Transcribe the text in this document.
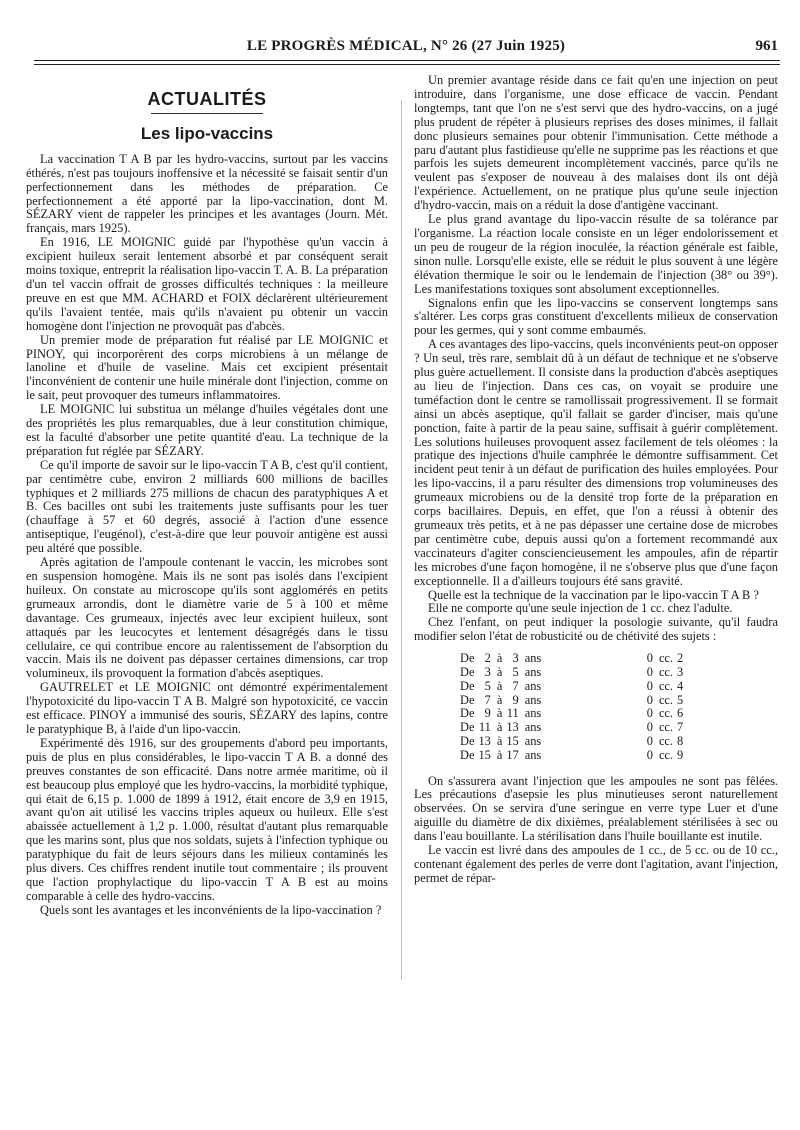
LE PROGRÈS MÉDICAL, N° 26 (27 Juin 1925)	961
ACTUALITÉS
Les lipo-vaccins

La vaccination T A B par les hydro-vaccins, surtout par les vaccins éthérés, n'est pas toujours inoffensive et la nécessité se faisait sentir d'un perfectionnement dans les méthodes de préparation. Ce perfectionnement a été apporté par la lipo-vaccination, dont M. SÉZARY vient de rappeler les principes et les avantages (Journ. Mét. français, mars 1925).

En 1916, LE MOIGNIC guidé par l'hypothèse qu'un vaccin à excipient huileux serait lentement absorbé et par conséquent serait moins toxique, entreprit la réalisation lipo-vaccin T. A. B. La préparation d'un tel vaccin offrait de grosses difficultés techniques : la meilleure preuve en est que MM. ACHARD et FOIX déclarèrent ultérieurement qu'ils l'avaient tentée, mais qu'ils n'avaient pu obtenir un vaccin homogène dont l'injection ne provoquât pas d'abcès.

Un premier mode de préparation fut réalisé par LE MOIGNIC et PINOY, qui incorporèrent des corps microbiens à un mélange de lanoline et d'huile de vaseline. Mais cet excipient présentait l'inconvénient de contenir une huile minérale dont l'injection, comme on le sait, peut provoquer des tumeurs inflammatoires.

LE MOIGNIC lui substitua un mélange d'huiles végétales dont une des propriétés les plus remarquables, due à leur constitution chimique, est la faculté d'absorber une petite quantité d'eau. La technique de la préparation fut réglée par SÉZARY.

Ce qu'il importe de savoir sur le lipo-vaccin T A B, c'est qu'il contient, par centimètre cube, environ 2 milliards 600 millions de bacilles typhiques et 2 milliards 275 millions de chacun des paratyphiques A et B. Ces bacilles ont subi les traitements juste suffisants pour les tuer (chauffage à 57 et 60 degrés, associé à l'action d'une essence antiseptique, l'eugénol), c'est-à-dire que leur pouvoir antigène est aussi peu altéré que possible.

Après agitation de l'ampoule contenant le vaccin, les microbes sont en suspension homogène. Mais ils ne sont pas isolés dans l'excipient huileux. On constate au microscope qu'ils sont agglomérés en petits grumeaux arrondis, dont le diamètre varie de 5 à 100 et même davantage. Ces grumeaux, injectés avec leur excipient huileux, sont attaqués par les leucocytes et lentement désagrégés dans le tissu cellulaire, ce qui contribue encore au ralentissement de l'absorption du vaccin. Mais ils ne doivent pas dépasser certaines dimensions, car trop volumineux, ils provoquent la formation d'abcès aseptiques.

GAUTRELET et LE MOIGNIC ont démontré expérimentalement l'hypotoxicité du lipo-vaccin T A B. Malgré son hypotoxicité, ce vaccin est efficace. PINOY a immunisé des souris, SÉZARY des lapins, contre le paratyphique B, à l'aide d'un lipo-vaccin.

Expérimenté dès 1916, sur des groupements d'abord peu importants, puis de plus en plus considérables, le lipo-vaccin T A B. a donné des preuves constantes de son efficacité. Dans notre armée maritime, où il est beaucoup plus employé que les hydro-vaccins, la morbidité typhique, qui était de 6,15 p. 1.000 de 1899 à 1912, était encore de 3,9 en 1915, avant qu'on ait utilisé les vaccins triples aqueux ou huileux. Elle s'est abaissée actuellement à 1,2 p. 1.000, résultat d'autant plus remarquable que les marins sont, plus que nos soldats, sujets à l'infection typhique ou paratyphique du fait de leurs séjours dans les milieux contaminés les plus divers. Ces chiffres rendent inutile tout commentaire ; ils prouvent que l'action prophylactique du lipo-vaccin T A B est au moins comparable à celle des hydro-vaccins.

Quels sont les avantages et les inconvénients de la lipo-vaccination ?

Un premier avantage réside dans ce fait qu'en une injection on peut introduire, dans l'organisme, une dose efficace de vaccin. Pendant longtemps, tant que l'on ne s'est servi que des hydro-vaccins, on a jugé plus prudent de répéter à plusieurs reprises des doses minimes, il fallait donc plusieurs semaines pour obtenir l'immunisation. Cette méthode a paru d'autant plus fastidieuse qu'elle ne supprime pas les réactions et que parfois les sujets demeurent incomplètement vaccinés, parce qu'ils ne veulent pas s'exposer de nouveau à des malaises dont ils ont déjà l'expérience. Actuellement, on ne pratique plus qu'une seule injection d'hydro-vaccin, mais on a réduit la dose d'antigène vaccinant.

Le plus grand avantage du lipo-vaccin résulte de sa tolérance par l'organisme. La réaction locale consiste en un léger endolorissement et un peu de rougeur de la région inoculée, la réaction générale est faible, sinon nulle. Lorsqu'elle existe, elle se réduit le plus souvent à une légère élévation thermique le soir ou le lendemain de l'injection (38° ou 39°). Les manifestations toxiques sont absolument exceptionnelles.

Signalons enfin que les lipo-vaccins se conservent longtemps sans s'altérer. Les corps gras constituent d'excellents milieux de conservation pour les germes, qui y sont comme embaumés.

A ces avantages des lipo-vaccins, quels inconvénients peut-on opposer ? Un seul, très rare, semblait dû à un défaut de technique et ne s'observe plus guère actuellement. Il consiste dans la production d'abcès aseptiques au lieu de l'injection. Dans ces cas, on voyait se produire une tuméfaction dont le centre se ramollissait progressivement. Il se formait ainsi un abcès aseptique, qu'il fallait se garder d'inciser, mais qu'une ponction, faite à partir de la peau saine, suffisait à guérir complètement. Les solutions huileuses provoquent assez facilement de tels oléomes : la pratique des injections d'huile camphrée le démontre suffisamment. Cet incident peut tenir à un défaut de purification des huiles employées. Pour les lipo-vaccins, il a paru résulter des dimensions trop volumineuses des grumeaux microbiens ou de la densité trop forte de la préparation en corps bacillaires. Depuis, en effet, que l'on a réussi à obtenir des grumeaux très petits, et à ne pas dépasser une certaine dose de microbes par centimètre cube, depuis aussi qu'on a fortement recommandé aux vaccinateurs d'agiter consciencieusement les ampoules, afin de répartir les microbes d'une façon homogène, il ne s'observe plus que d'une façon exceptionnelle. Il a d'ailleurs toujours été sans gravité.

Quelle est la technique de la vaccination par le lipo-vaccin T A B ?

Elle ne comporte qu'une seule injection de 1 cc. chez l'adulte.

Chez l'enfant, on peut indiquer la posologie suivante, qu'il faudra modifier selon l'état de robusticité ou de chétivité des sujets :

De	2	à	3	ans	0	cc.	2
De	3	à	5	ans	0	cc.	3
De	5	à	7	ans	0	cc.	4
De	7	à	9	ans	0	cc.	5
De	9	à	11	ans	0	cc.	6
De	11	à	13	ans	0	cc.	7
De	13	à	15	ans	0	cc.	8
De	15	à	17	ans	0	cc.	9

On s'assurera avant l'injection que les ampoules ne sont pas fêlées. Les précautions d'asepsie les plus minutieuses seront naturellement observées. On se servira d'une seringue en verre type Luer et d'une aiguille du diamètre de dix dixièmes, préalablement stérilisées à sec ou dans l'eau bouillante. La stérilisation dans l'huile bouillante est inutile.

Le vaccin est livré dans des ampoules de 1 cc., de 5 cc. ou de 10 cc., contenant également des perles de verre dont l'agitation, avant l'injection, permet de répar-
